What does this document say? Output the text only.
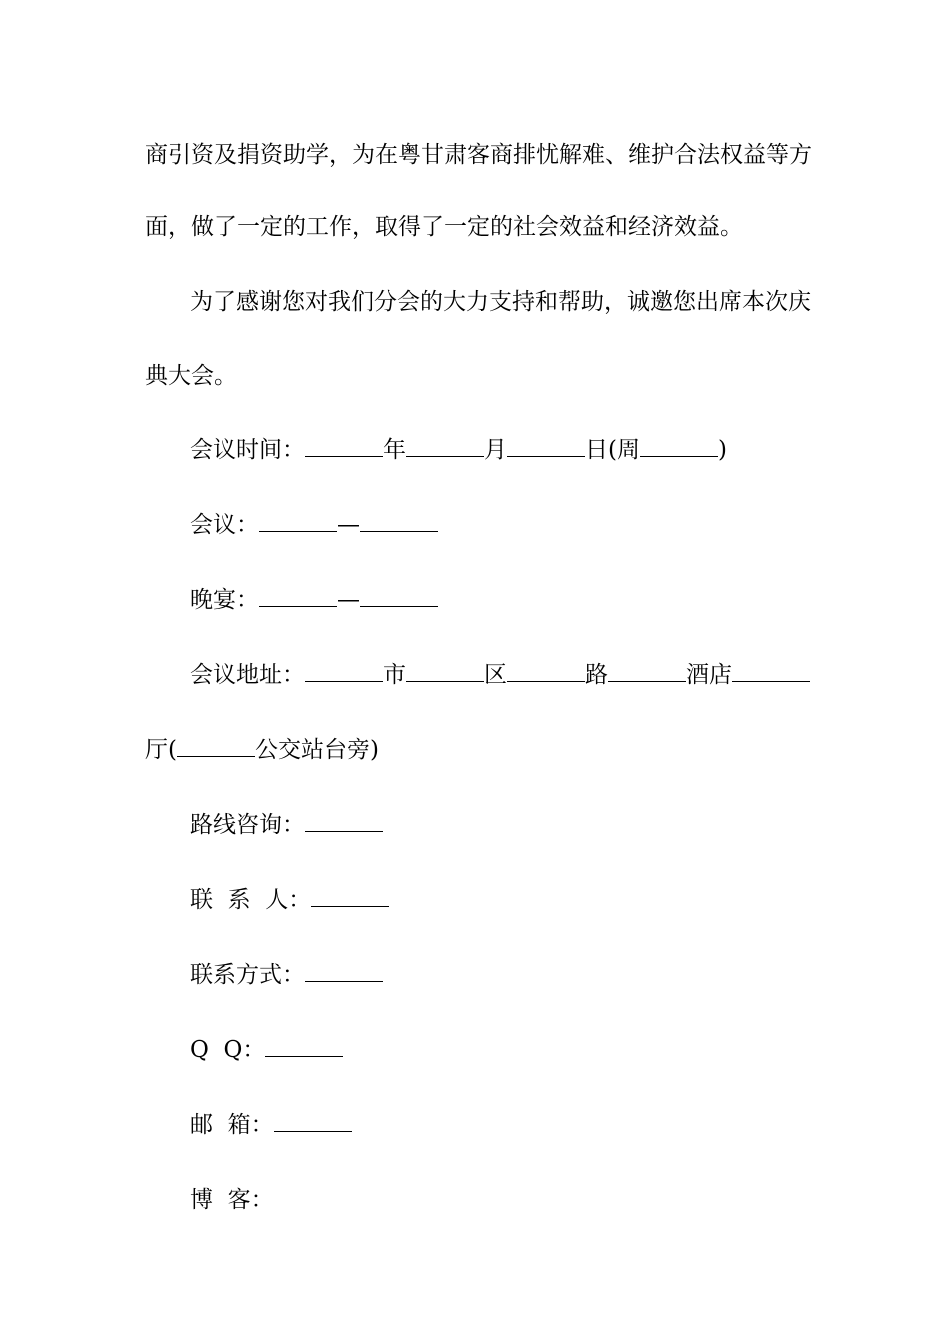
商引资及捐资助学，为在粤甘肃客商排忧解难、维护合法权益等方
面，做了一定的工作，取得了一定的社会效益和经济效益。
为了感谢您对我们分会的大力支持和帮助，诚邀您出席本次庆
典大会。
会议时间：	年	月	日(周	)
会议：	—
晚宴：	—
会议地址：	市	区	路	酒店
厅(	公交站台旁)
路线咨询：
联  系  人：
联系方式：
Q  Q：
邮  箱：
博  客：
